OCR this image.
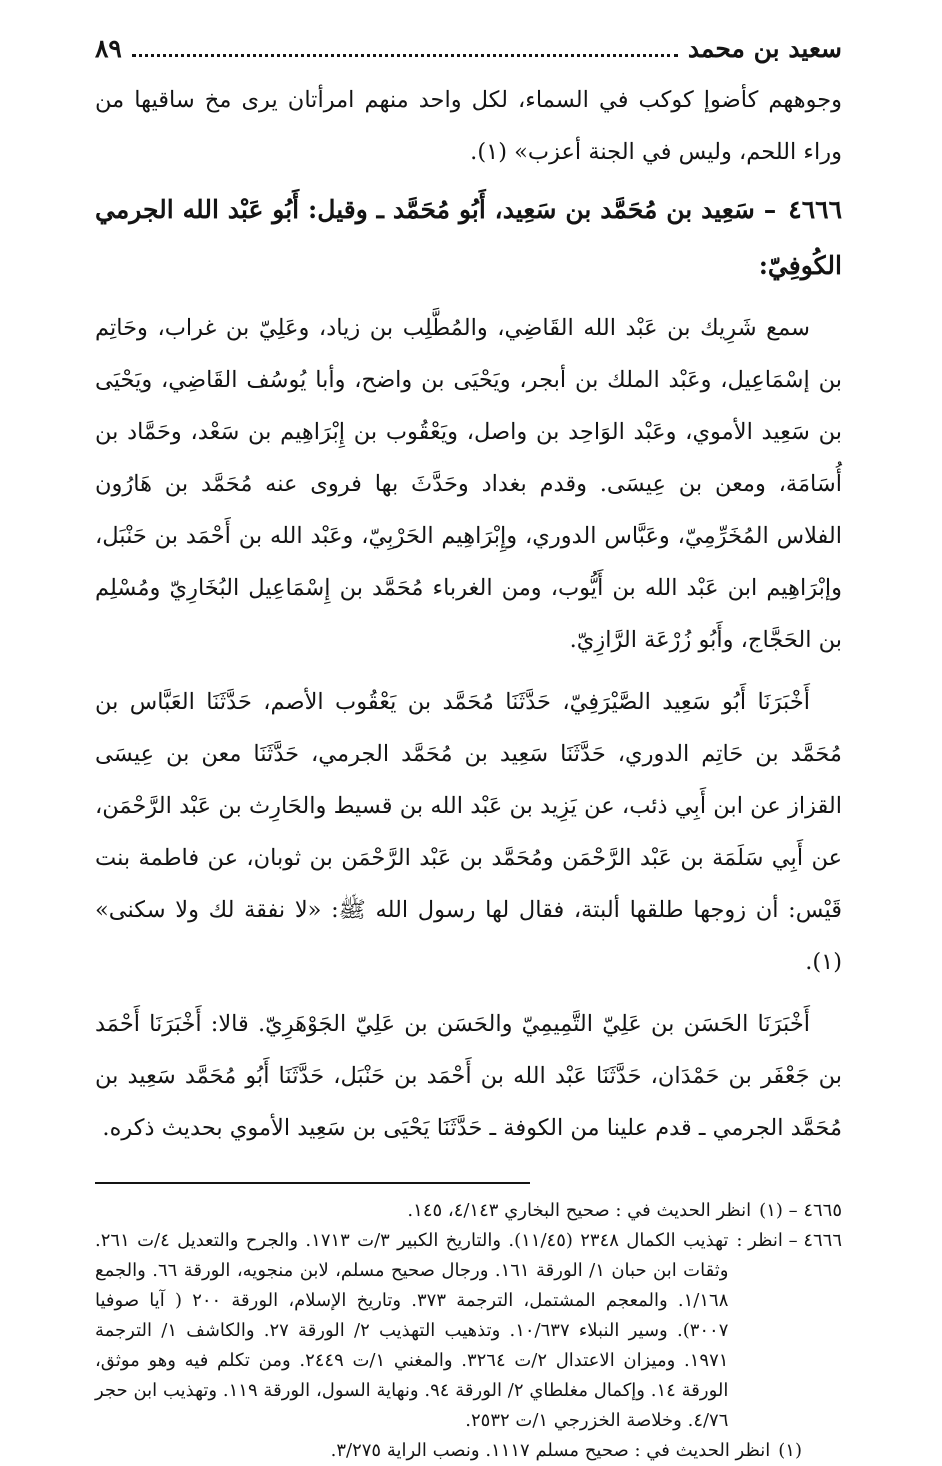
سعيد بن محمد
٨٩

وجوههم كأضوإ كوكب في السماء، لكل واحد منهم امرأتان يرى مخ ساقيها من وراء اللحم، وليس في الجنة أعزب» (١).

٤٦٦٦– سَعِيد بن مُحَمَّد بن سَعِيد، أَبُو مُحَمَّد ـ وقيل: أَبُو عَبْد الله الجرمي الكُوفِيّ:

سمع شَرِيك بن عَبْد الله القَاضِي، والمُطَّلِب بن زياد، وعَلِيّ بن غراب، وحَاتِم بن إسْمَاعِيل، وعَبْد الملك بن أبجر، ويَحْيَى بن واضح، وأبا يُوسُف القَاضِي، ويَحْيَى بن سَعِيد الأموي، وعَبْد الوَاحِد بن واصل، ويَعْقُوب بن إِبْرَاهِيم بن سَعْد، وحَمَّاد بن أُسَامَة، ومعن بن عِيسَى. وقدم بغداد وحَدَّثَ بها فروى عنه مُحَمَّد بن هَارُون الفلاس المُخَرِّمِيّ، وعَبَّاس الدوري، وإِبْرَاهِيم الحَرْبِيّ، وعَبْد الله بن أَحْمَد بن حَنْبَل، وإبْرَاهِيم ابن عَبْد الله بن أَيُّوب، ومن الغرباء مُحَمَّد بن إِسْمَاعِيل البُخَارِيّ ومُسْلِم بن الحَجَّاج، وأَبُو زُرْعَة الرَّازِيّ.

أَخْبَرَنَا أَبُو سَعِيد الصَّيْرَفِيّ، حَدَّثَنَا مُحَمَّد بن يَعْقُوب الأصم، حَدَّثَنَا العَبَّاس بن مُحَمَّد بن حَاتِم الدوري، حَدَّثَنَا سَعِيد بن مُحَمَّد الجرمي، حَدَّثَنَا معن بن عِيسَى القزاز عن ابن أَبِي ذئب، عن يَزِيد بن عَبْد الله بن قسيط والحَارِث بن عَبْد الرَّحْمَن، عن أَبِي سَلَمَة بن عَبْد الرَّحْمَن ومُحَمَّد بن عَبْد الرَّحْمَن بن ثوبان، عن فاطمة بنت قَيْس: أن زوجها طلقها ألبتة، فقال لها رسول الله ﷺ: «لا نفقة لك ولا سكنى» (١).

أَخْبَرَنَا الحَسَن بن عَلِيّ التَّمِيمِيّ والحَسَن بن عَلِيّ الجَوْهَرِيّ. قالا: أَخْبَرَنَا أَحْمَد بن جَعْفَر بن حَمْدَان، حَدَّثَنَا عَبْد الله بن أَحْمَد بن حَنْبَل، حَدَّثَنَا أَبُو مُحَمَّد سَعِيد بن مُحَمَّد الجرمي ـ قدم علينا من الكوفة ـ حَدَّثَنَا يَحْيَى بن سَعِيد الأموي بحديث ذكره.

٤٦٦٥ – (١)
انظر الحديث في : صحيح البخاري ٤/١٤٣، ١٤٥.
٤٦٦٦ – انظر :
تهذيب الكمال ٢٣٤٨ (١١/٤٥). والتاريخ الكبير ٣/ت ١٧١٣. والجرح والتعديل ٤/ت ٢٦١. وثقات ابن حبان ١/ الورقة ١٦١. ورجال صحيح مسلم، لابن منجويه، الورقة ٦٦. والجمع ١/١٦٨. والمعجم المشتمل، الترجمة ٣٧٣. وتاريخ الإسلام، الورقة ٢٠٠ ( آيا صوفيا ٣٠٠٧). وسير النبلاء ١٠/٦٣٧. وتذهيب التهذيب ٢/ الورقة ٢٧. والكاشف ١/ الترجمة ١٩٧١. وميزان الاعتدال ٢/ت ٣٢٦٤. والمغني ١/ت ٢٤٤٩. ومن تكلم فيه وهو موثق، الورقة ١٤. وإكمال مغلطاي ٢/ الورقة ٩٤. ونهاية السول، الورقة ١١٩. وتهذيب ابن حجر ٤/٧٦. وخلاصة الخزرجي ١/ت ٢٥٣٢.
(١)
انظر الحديث في : صحيح مسلم ١١١٧. ونصب الراية ٣/٢٧٥.
